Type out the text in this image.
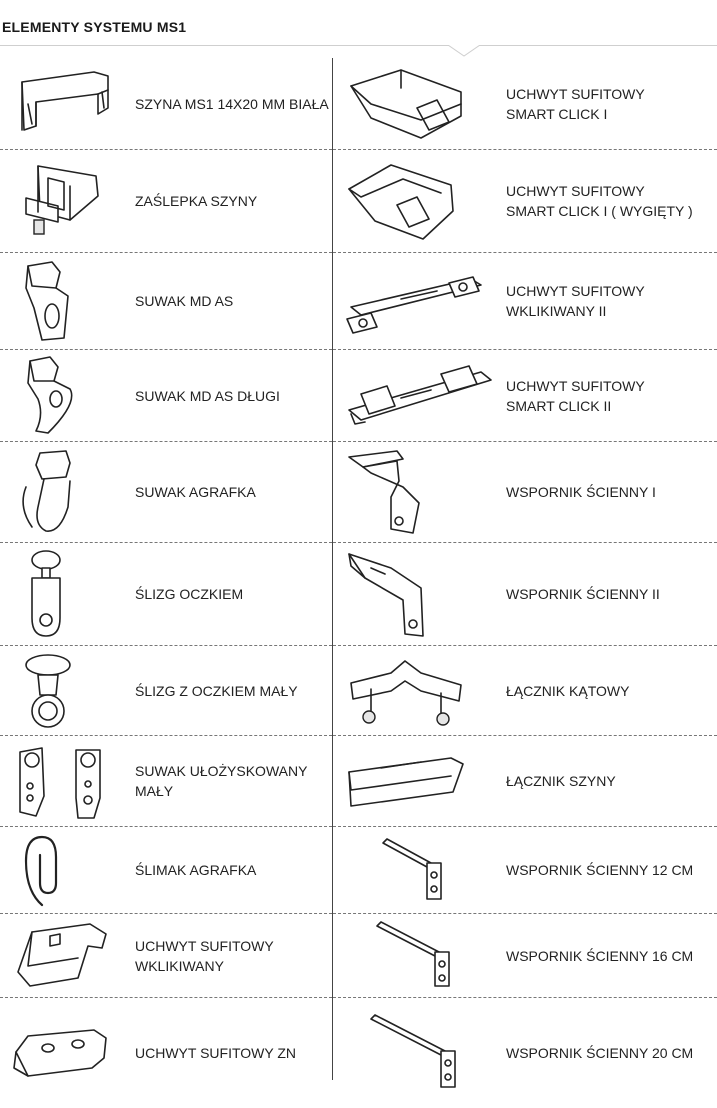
ELEMENTY SYSTEMU MS1
SZYNA MS1 14X20 MM BIAŁA
ZAŚLEPKA SZYNY
SUWAK MD AS
SUWAK MD AS DŁUGI
SUWAK AGRAFKA
ŚLIZG OCZKIEM
ŚLIZG Z OCZKIEM MAŁY
SUWAK UŁOŻYSKOWANY
MAŁY
ŚLIMAK AGRAFKA
UCHWYT SUFITOWY
WKLIKIWANY
UCHWYT SUFITOWY ZN
UCHWYT SUFITOWY
SMART CLICK I
UCHWYT SUFITOWY
SMART CLICK I ( WYGIĘTY )
UCHWYT SUFITOWY
WKLIKIWANY II
UCHWYT SUFITOWY
SMART CLICK II
WSPORNIK ŚCIENNY I
WSPORNIK ŚCIENNY II
ŁĄCZNIK KĄTOWY
ŁĄCZNIK SZYNY
WSPORNIK ŚCIENNY 12 CM
WSPORNIK ŚCIENNY 16 CM
WSPORNIK ŚCIENNY 20 CM
